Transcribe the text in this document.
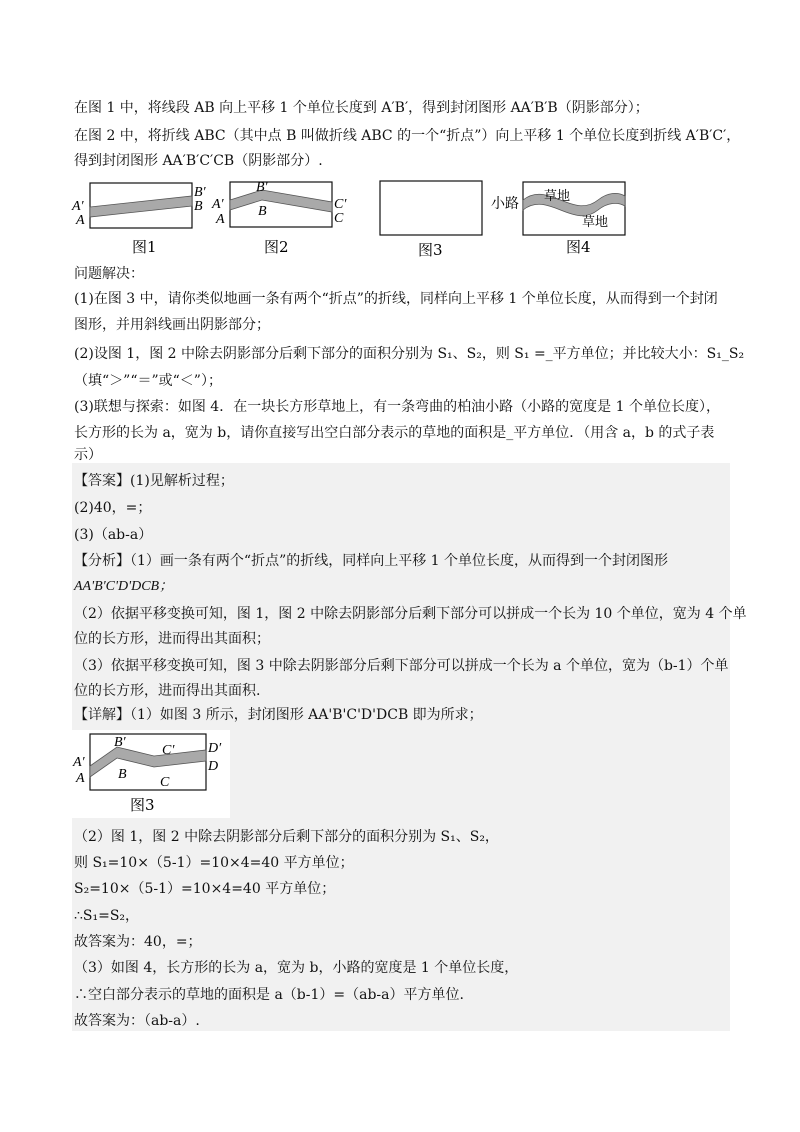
在图 1 中，将线段 AB 向上平移 1 个单位长度到 A′B′，得到封闭图形 AA′B′B（阴影部分）；
在图 2 中，将折线 ABC（其中点 B 叫做折线 ABC 的一个“折点”）向上平移 1 个单位长度到折线 A′B′C′，
得到封闭图形 AA′B′C′CB（阴影部分）.
A′
A
B′
B
图1
A′
A
B′
B	C′
C
图2	图3
小路 草地
草地
图4
问题解决：
(1)在图 3 中，请你类似地画一条有两个“折点”的折线，同样向上平移 1 个单位长度，从而得到一个封闭
图形，并用斜线画出阴影部分；
(2)设图 1，图 2 中除去阴影部分后剩下部分的面积分别为 S₁、S₂，则 S₁ =_平方单位；并比较大小：S₁_S₂
（填“＞”“＝”或“＜”）；
(3)联想与探索：如图 4．在一块长方形草地上，有一条弯曲的柏油小路（小路的宽度是 1 个单位长度），
长方形的长为 a，宽为 b，请你直接写出空白部分表示的草地的面积是_平方单位．（用含 a，b 的式子表
示）
【答案】(1)见解析过程；
(2)40，=；
(3)（ab-a）
【分析】（1）画一条有两个“折点”的折线，同样向上平移 1 个单位长度，从而得到一个封闭图形
AA'B'C'D'DCB；
（2）依据平移变换可知，图 1，图 2 中除去阴影部分后剩下部分可以拼成一个长为 10 个单位，宽为 4 个单
位的长方形，进而得出其面积；
（3）依据平移变换可知，图 3 中除去阴影部分后剩下部分可以拼成一个长为 a 个单位，宽为（b-1）个单
位的长方形，进而得出其面积.
【详解】（1）如图 3 所示，封闭图形 AA'B'C'D'DCB 即为所求；
A′
A
B′
B
C′
C
D′
D
图3
（2）图 1，图 2 中除去阴影部分后剩下部分的面积分别为 S₁、S₂，
则 S₁=10×（5-1）=10×4=40 平方单位；
S₂=10×（5-1）=10×4=40 平方单位；
∴S₁=S₂，
故答案为：40，=；
（3）如图 4，长方形的长为 a，宽为 b，小路的宽度是 1 个单位长度，
∴空白部分表示的草地的面积是 a（b-1）=（ab-a）平方单位.
故答案为：（ab-a）.
